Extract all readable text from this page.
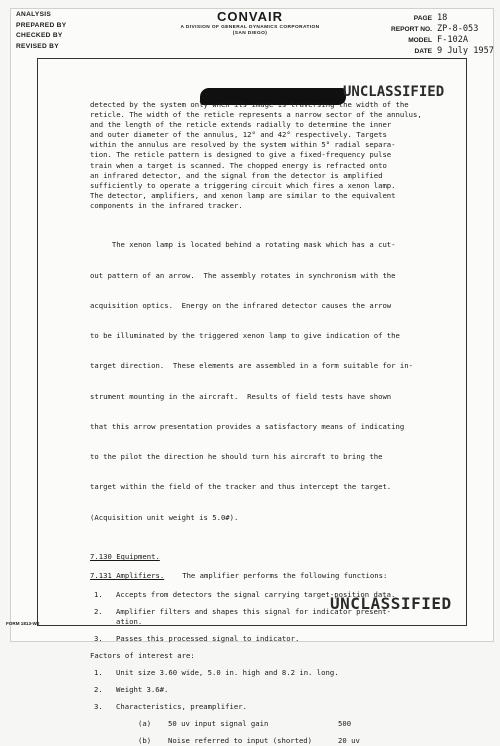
ANALYSIS
PREPARED BY
CHECKED BY
REVISED BY
CONVAIR
A DIVISION OF GENERAL DYNAMICS CORPORATION
(SAN DIEGO)
PAGE 18
REPORT NO. ZP-8-053
MODEL F-102A
DATE 9 July 1957
UNCLASSIFIED
detected by the system only when its image is traversing the width of the
reticle. The width of the reticle represents a narrow sector of the annulus,
and the length of the reticle extends radially to determine the inner
and outer diameter of the annulus, 12° and 42° respectively. Targets
within the annulus are resolved by the system within 5° radial separa-
tion. The reticle pattern is designed to give a fixed-frequency pulse
train when a target is scanned. The chopped energy is refracted onto
an infrared detector, and the signal from the detector is amplified
sufficiently to operate a triggering circuit which fires a xenon lamp.
The detector, amplifiers, and xenon lamp are similar to the equivalent
components in the infrared tracker.

The xenon lamp is located behind a rotating mask which has a cut-

out pattern of an arrow.  The assembly rotates in synchronism with the

acquisition optics.  Energy on the infrared detector causes the arrow

to be illuminated by the triggered xenon lamp to give indication of the

target direction.  These elements are assembled in a form suitable for in-

strument mounting in the aircraft.  Results of field tests have shown

that this arrow presentation provides a satisfactory means of indicating

to the pilot the direction he should turn his aircraft to bring the

target within the field of the tracker and thus intercept the target.

(Acquisition unit weight is 5.0#).

7.130 Equipment.
7.131 Amplifiers. The amplifier performs the following functions:
1.	Accepts from detectors the signal carrying target-position data.
2.	Amplifier filters and shapes this signal for indicator present-
ation.
3.	Passes this processed signal to indicator.
Factors of interest are:
1.	Unit size 3.60 wide, 5.0 in. high and 8.2 in. long.
2.	Weight 3.6#.
3.	Characteristics, preamplifier.
(a)	50 uv input signal gain	500
(b)	Noise referred to input (shorted)	20 uv
UNCLASSIFIED
FORM 1813-W/I
